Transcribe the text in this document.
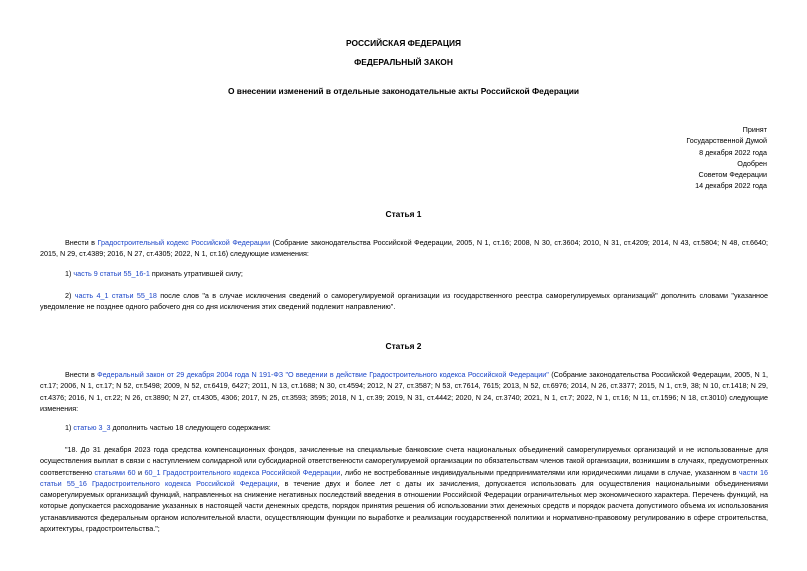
РОССИЙСКАЯ ФЕДЕРАЦИЯ
ФЕДЕРАЛЬНЫЙ ЗАКОН
О внесении изменений в отдельные законодательные акты Российской Федерации
Принят
Государственной Думой
8 декабря 2022 года
Одобрен
Советом Федерации
14 декабря 2022 года
Статья 1
Внести в Градостроительный кодекс Российской Федерации (Собрание законодательства Российской Федерации, 2005, N 1, ст.16; 2008, N 30, ст.3604; 2010, N 31, ст.4209; 2014, N 43, ст.5804; N 48, ст.6640; 2015, N 29, ст.4389; 2016, N 27, ст.4305; 2022, N 1, ст.16) следующие изменения:
1) часть 9 статьи 55_16-1 признать утратившей силу;
2) часть 4_1 статьи 55_18 после слов "а в случае исключения сведений о саморегулируемой организации из государственного реестра саморегулируемых организаций" дополнить словами "указанное уведомление не позднее одного рабочего дня со дня исключения этих сведений подлежит направлению".
Статья 2
Внести в Федеральный закон от 29 декабря 2004 года N 191-ФЗ "О введении в действие Градостроительного кодекса Российской Федерации" (Собрание законодательства Российской Федерации, 2005, N 1, ст.17; 2006, N 1, ст.17; N 52, ст.5498; 2009, N 52, ст.6419, 6427; 2011, N 13, ст.1688; N 30, ст.4594; 2012, N 27, ст.3587; N 53, ст.7614, 7615; 2013, N 52, ст.6976; 2014, N 26, ст.3377; 2015, N 1, ст.9, 38; N 10, ст.1418; N 29, ст.4376; 2016, N 1, ст.22; N 26, ст.3890; N 27, ст.4305, 4306; 2017, N 25, ст.3593; 3595; 2018, N 1, ст.39; 2019, N 31, ст.4442; 2020, N 24, ст.3740; 2021, N 1, ст.7; 2022, N 1, ст.16; N 11, ст.1596; N 18, ст.3010) следующие изменения:
1) статью 3_3 дополнить частью 18 следующего содержания:
"18. До 31 декабря 2023 года средства компенсационных фондов, зачисленные на специальные банковские счета национальных объединений саморегулируемых организаций и не использованные для осуществления выплат в связи с наступлением солидарной или субсидиарной ответственности саморегулируемой организации по обязательствам членов такой организации, возникшим в случаях, предусмотренных соответственно статьями 60 и 60_1 Градостроительного кодекса Российской Федерации, либо не востребованные индивидуальными предпринимателями или юридическими лицами в случае, указанном в части 16 статьи 55_16 Градостроительного кодекса Российской Федерации, в течение двух и более лет с даты их зачисления, допускается использовать для осуществления национальными объединениями саморегулируемых организаций функций, направленных на снижение негативных последствий введения в отношении Российской Федерации ограничительных мер экономического характера. Перечень функций, на которые допускается расходование указанных в настоящей части денежных средств, порядок принятия решения об использовании этих денежных средств и порядок расчета допустимого объема их использования устанавливаются федеральным органом исполнительной власти, осуществляющим функции по выработке и реализации государственной политики и нормативно-правовому регулированию в сфере строительства, архитектуры, градостроительства.";
